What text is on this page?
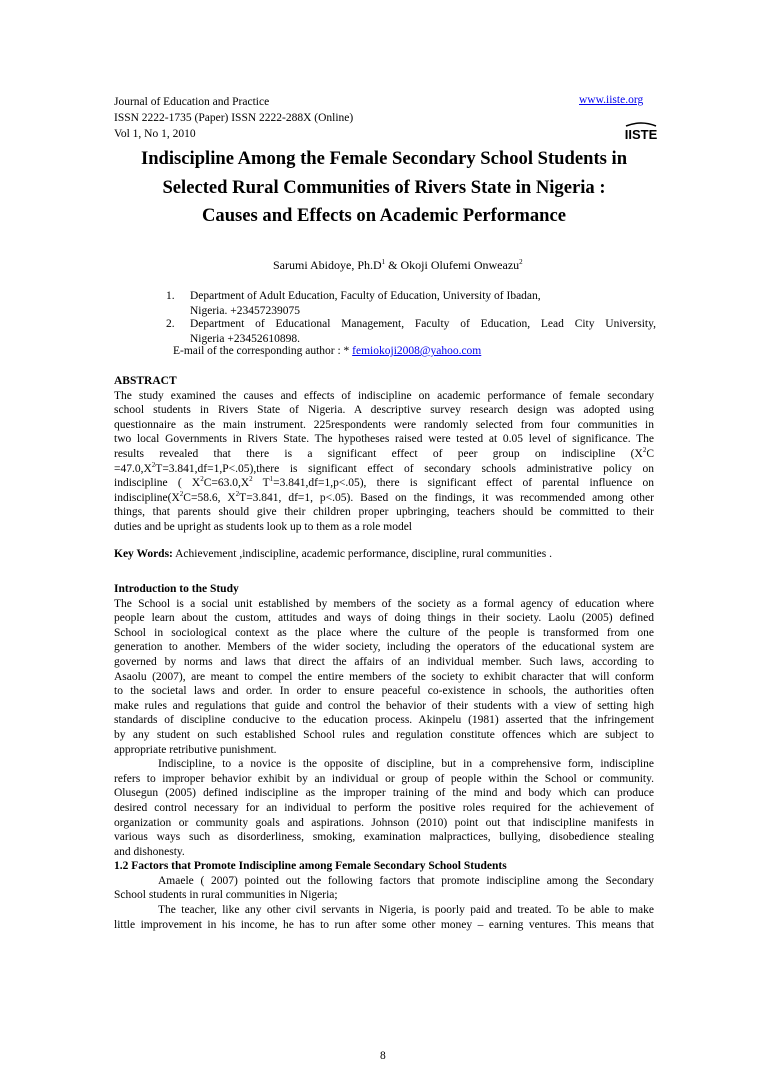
Journal of Education and Practice

ISSN 2222-1735 (Paper) ISSN 2222-288X (Online)

Vol 1, No 1, 2010

www.iiste.org
IISTE
Indiscipline Among the Female Secondary School Students in
Selected Rural Communities of Rivers State in Nigeria :
Causes and Effects on Academic Performance

Sarumi Abidoye, $Ph.D^1$ & Okoji Olufemi Onweazu$^2$

1.	Department of Adult Education, Faculty of Education, University of Ibadan,
Nigeria. +23457239075
2.	Department of Educational Management, Faculty of Education, Lead City University,
Nigeria +23452610898.

E-mail of the corresponding author : * femiokoji2008@yahoo.com

ABSTRACT
The study examined the causes and effects of indiscipline on academic performance of female secondary
school students in Rivers State of Nigeria. A descriptive survey research design was adopted using
questionnaire as the main instrument. 225respondents were randomly selected from four communities in
two local Governments in Rivers State. The hypotheses raised were tested at 0.05 level of significance. The
results revealed that there is a significant effect of peer group on indiscipline ($X^2C$
$=47.0,X^2T=3.841,df=1,P<.05),there$ is significant effect of secondary schools administrative policy on
indiscipline ( $X^2C=63.0,X^2$ $T^1=3.841,df=1,p<.05$), there is significant effect of parental influence on
$indiscipline(X^2C=58.6$, $X^2T=3.841$, df=1, p<.05). Based on the findings, it was recommended among other
things, that parents should give their children proper upbringing, teachers should be committed to their
duties and be upright as students look up to them as a role model

Key Words: Achievement ,indiscipline, academic performance, discipline, rural communities .

Introduction to the Study
The School is a social unit established by members of the society as a formal agency of education where
people learn about the custom, attitudes and ways of doing things in their society. Laolu (2005) defined
School in sociological context as the place where the culture of the people is transformed from one
generation to another. Members of the wider society, including the operators of the educational system are
governed by norms and laws that direct the affairs of an individual member. Such laws, according to
Asaolu (2007), are meant to compel the entire members of the society to exhibit character that will conform
to the societal laws and order. In order to ensure peaceful co-existence in schools, the authorities often
make rules and regulations that guide and control the behavior of their students with a view of setting high
standards of discipline conducive to the education process. Akinpelu (1981) asserted that the infringement
by any student on such established School rules and regulation constitute offences which are subject to
appropriate retributive punishment.
Indiscipline, to a novice is the opposite of discipline, but in a comprehensive form, indiscipline
refers to improper behavior exhibit by an individual or group of people within the School or community.
Olusegun (2005) defined indiscipline as the improper training of the mind and body which can produce
desired control necessary for an individual to perform the positive roles required for the achievement of
organization or community goals and aspirations. Johnson (2010) point out that indiscipline manifests in
various ways such as disorderliness, smoking, examination malpractices, bullying, disobedience stealing
and dishonesty.
1.2 Factors that Promote Indiscipline among Female Secondary School Students
Amaele ( 2007) pointed out the following factors that promote indiscipline among the Secondary
School students in rural communities in Nigeria;
The teacher, like any other civil servants in Nigeria, is poorly paid and treated. To be able to make
little improvement in his income, he has to run after some other money – earning ventures. This means that

8
